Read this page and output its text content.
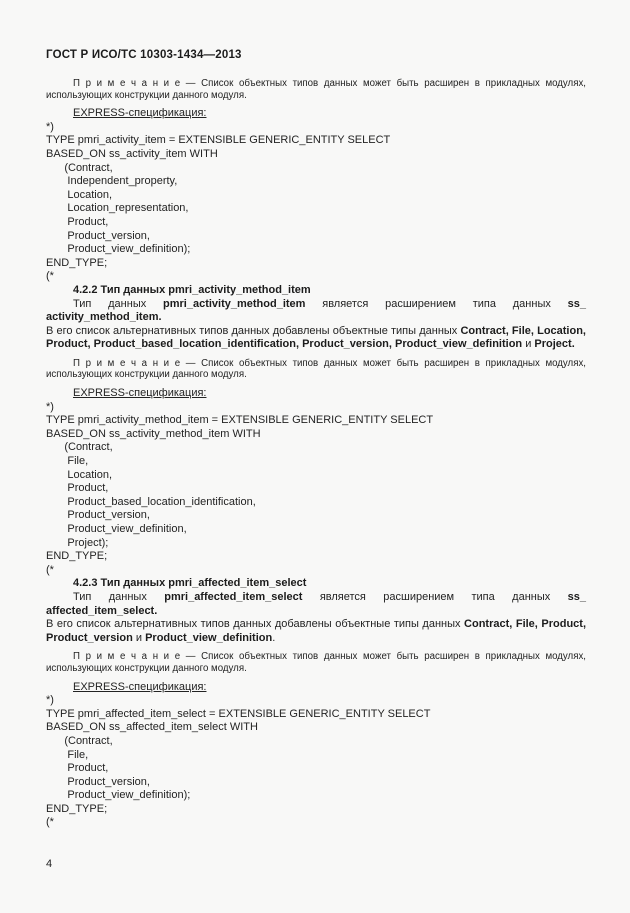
ГОСТ Р ИСО/ТС 10303-1434—2013
П р и м е ч а н и е — Список объектных типов данных может быть расширен в прикладных модулях,
использующих конструкции данного модуля.
EXPRESS-спецификация:
*)
TYPE pmri_activity_item = EXTENSIBLE GENERIC_ENTITY SELECT
BASED_ON ss_activity_item WITH
(Contract,
Independent_property,
Location,
Location_representation,
Product,
Product_version,
Product_view_definition);
END_TYPE;
(*
4.2.2 Тип данных pmri_activity_method_item
Тип данных pmri_activity_method_item является расширением типа данных ss_ activity_method_item.
В его список альтернативных типов данных добавлены объектные типы данных Contract, File, Location,
Product, Product_based_location_identification, Product_version, Product_view_definition и Project.
П р и м е ч а н и е — Список объектных типов данных может быть расширен в прикладных модулях,
использующих конструкции данного модуля.
EXPRESS-спецификация:
*)
TYPE pmri_activity_method_item = EXTENSIBLE GENERIC_ENTITY SELECT
BASED_ON ss_activity_method_item WITH
(Contract,
File,
Location,
Product,
Product_based_location_identification,
Product_version,
Product_view_definition,
Project);
END_TYPE;
(*
4.2.3 Тип данных pmri_affected_item_select
Тип данных pmri_affected_item_select является расширением типа данных ss_ affected_item_select.
В его список альтернативных типов данных добавлены объектные типы данных Contract, File, Product,
Product_version и Product_view_definition.
П р и м е ч а н и е — Список объектных типов данных может быть расширен в прикладных модулях,
использующих конструкции данного модуля.
EXPRESS-спецификация:
*)
TYPE pmri_affected_item_select = EXTENSIBLE GENERIC_ENTITY SELECT
BASED_ON ss_affected_item_select WITH
(Contract,
File,
Product,
Product_version,
Product_view_definition);
END_TYPE;
(*
4
